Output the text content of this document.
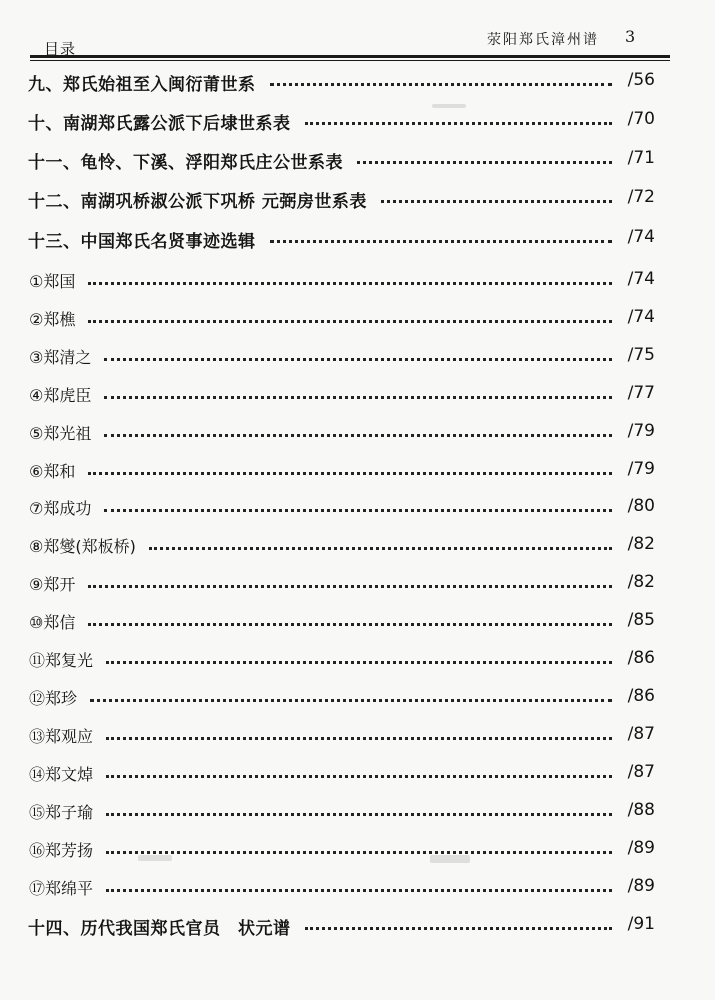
目录	荥阳郑氏漳州谱 3
九、郑氏始祖至入闽衍莆世系	/56
十、南湖郑氏露公派下后埭世系表	/70
十一、龟怜、下溪、浮阳郑氏庄公世系表	/71
十二、南湖巩桥淑公派下巩桥 元弼房世系表	/72
十三、中国郑氏名贤事迹选辑	/74
①郑国	/74
②郑樵	/74
③郑清之	/75
④郑虎臣	/77
⑤郑光祖	/79
⑥郑和	/79
⑦郑成功	/80
⑧郑燮(郑板桥)	/82
⑨郑开	/82
⑩郑信	/85
⑪郑复光	/86
⑫郑珍	/86
⑬郑观应	/87
⑭郑文焯	/87
⑮郑子瑜	/88
⑯郑芳扬	/89
⑰郑绵平	/89
十四、历代我国郑氏官员　状元谱	/91
